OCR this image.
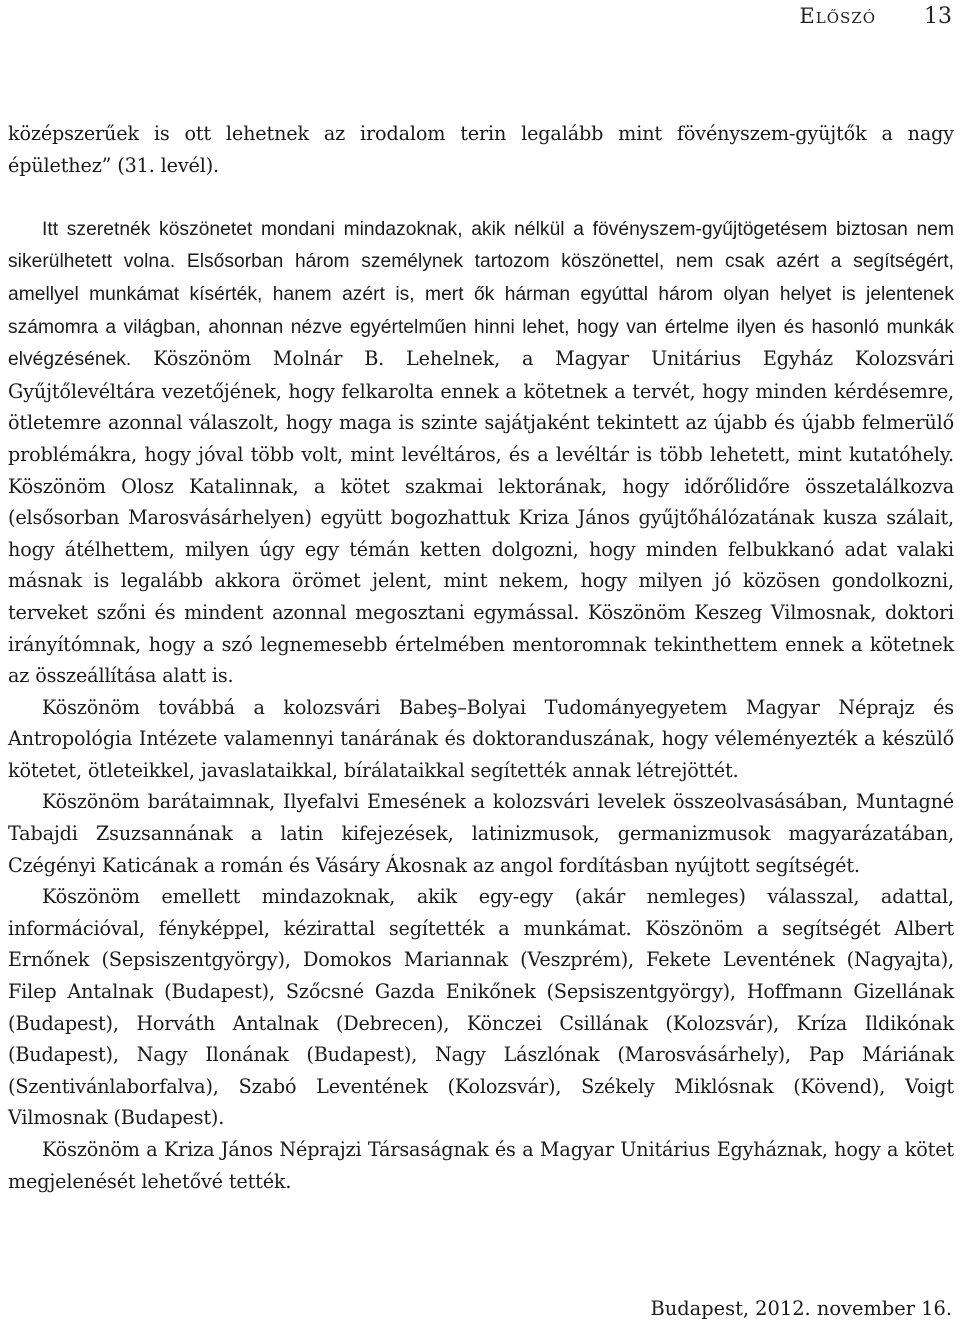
Előszó 13

középszerűek is ott lehetnek az irodalom terin legalább mint fövényszem-gyüjtők a nagy épülethez” (31. levél).

Itt szeretnék köszönetet mondani mindazoknak, akik nélkül a fövényszem-gyűjtögetésem biztosan nem sikerülhetett volna. Elsősorban három személynek tartozom köszönettel, nem csak azért a segítségért, amellyel munkámat kísérték, hanem azért is, mert ők hárman egyúttal három olyan helyet is jelentenek számomra a világban, ahonnan nézve egyértelműen hinni lehet, hogy van értelme ilyen és hasonló munkák elvégzésének. Köszönöm Molnár B. Lehelnek, a Magyar Unitárius Egyház Kolozsvári Gyűjtőlevéltára vezetőjének, hogy felkarolta ennek a kötetnek a tervét, hogy minden kérdésemre, ötletemre azonnal válaszolt, hogy maga is szinte sajátjaként tekintett az újabb és újabb felmerülő problémákra, hogy jóval több volt, mint levéltáros, és a levéltár is több lehetett, mint kutatóhely. Köszönöm Olosz Katalinnak, a kötet szakmai lektorának, hogy időrőlidőre összetalálkozva (elsősorban Marosvásárhelyen) együtt bogozhattuk Kriza János gyűjtőhálózatának kusza szálait, hogy átélhettem, milyen úgy egy témán ketten dolgozni, hogy minden felbukkanó adat valaki másnak is legalább akkora örömet jelent, mint nekem, hogy milyen jó közösen gondolkozni, terveket szőni és mindent azonnal megosztani egymással. Köszönöm Keszeg Vilmosnak, doktori irányítómnak, hogy a szó legnemesebb értelmében mentoromnak tekinthettem ennek a kötetnek az összeállítása alatt is.

Köszönöm továbbá a kolozsvári Babeş–Bolyai Tudományegyetem Magyar Néprajz és Antropológia Intézete valamennyi tanárának és doktoranduszának, hogy véleményezték a készülő kötetet, ötleteikkel, javaslataikkal, bírálataikkal segítették annak létrejöttét.

Köszönöm barátaimnak, Ilyefalvi Emesének a kolozsvári levelek összeolvasásában, Muntagné Tabajdi Zsuzsannának a latin kifejezések, latinizmusok, germanizmusok magyarázatában, Czégényi Katicának a román és Vásáry Ákosnak az angol fordításban nyújtott segítségét.

Köszönöm emellett mindazoknak, akik egy-egy (akár nemleges) válasszal, adattal, információval, fényképpel, kézirattal segítették a munkámat. Köszönöm a segítségét Albert Ernőnek (Sepsiszentgyörgy), Domokos Mariannak (Veszprém), Fekete Leventének (Nagyajta), Filep Antalnak (Budapest), Szőcsné Gazda Enikőnek (Sepsiszentgyörgy), Hoffmann Gizellának (Budapest), Horváth Antalnak (Debrecen), Könczei Csillának (Kolozsvár), Kríza Ildikónak (Budapest), Nagy Ilonának (Budapest), Nagy Lászlónak (Marosvásárhely), Pap Máriának (Szentivánlaborfalva), Szabó Leventének (Kolozsvár), Székely Miklósnak (Kövend), Voigt Vilmosnak (Budapest).

Köszönöm a Kriza János Néprajzi Társaságnak és a Magyar Unitárius Egyháznak, hogy a kötet megjelenését lehetővé tették.

Budapest, 2012. november 16.
